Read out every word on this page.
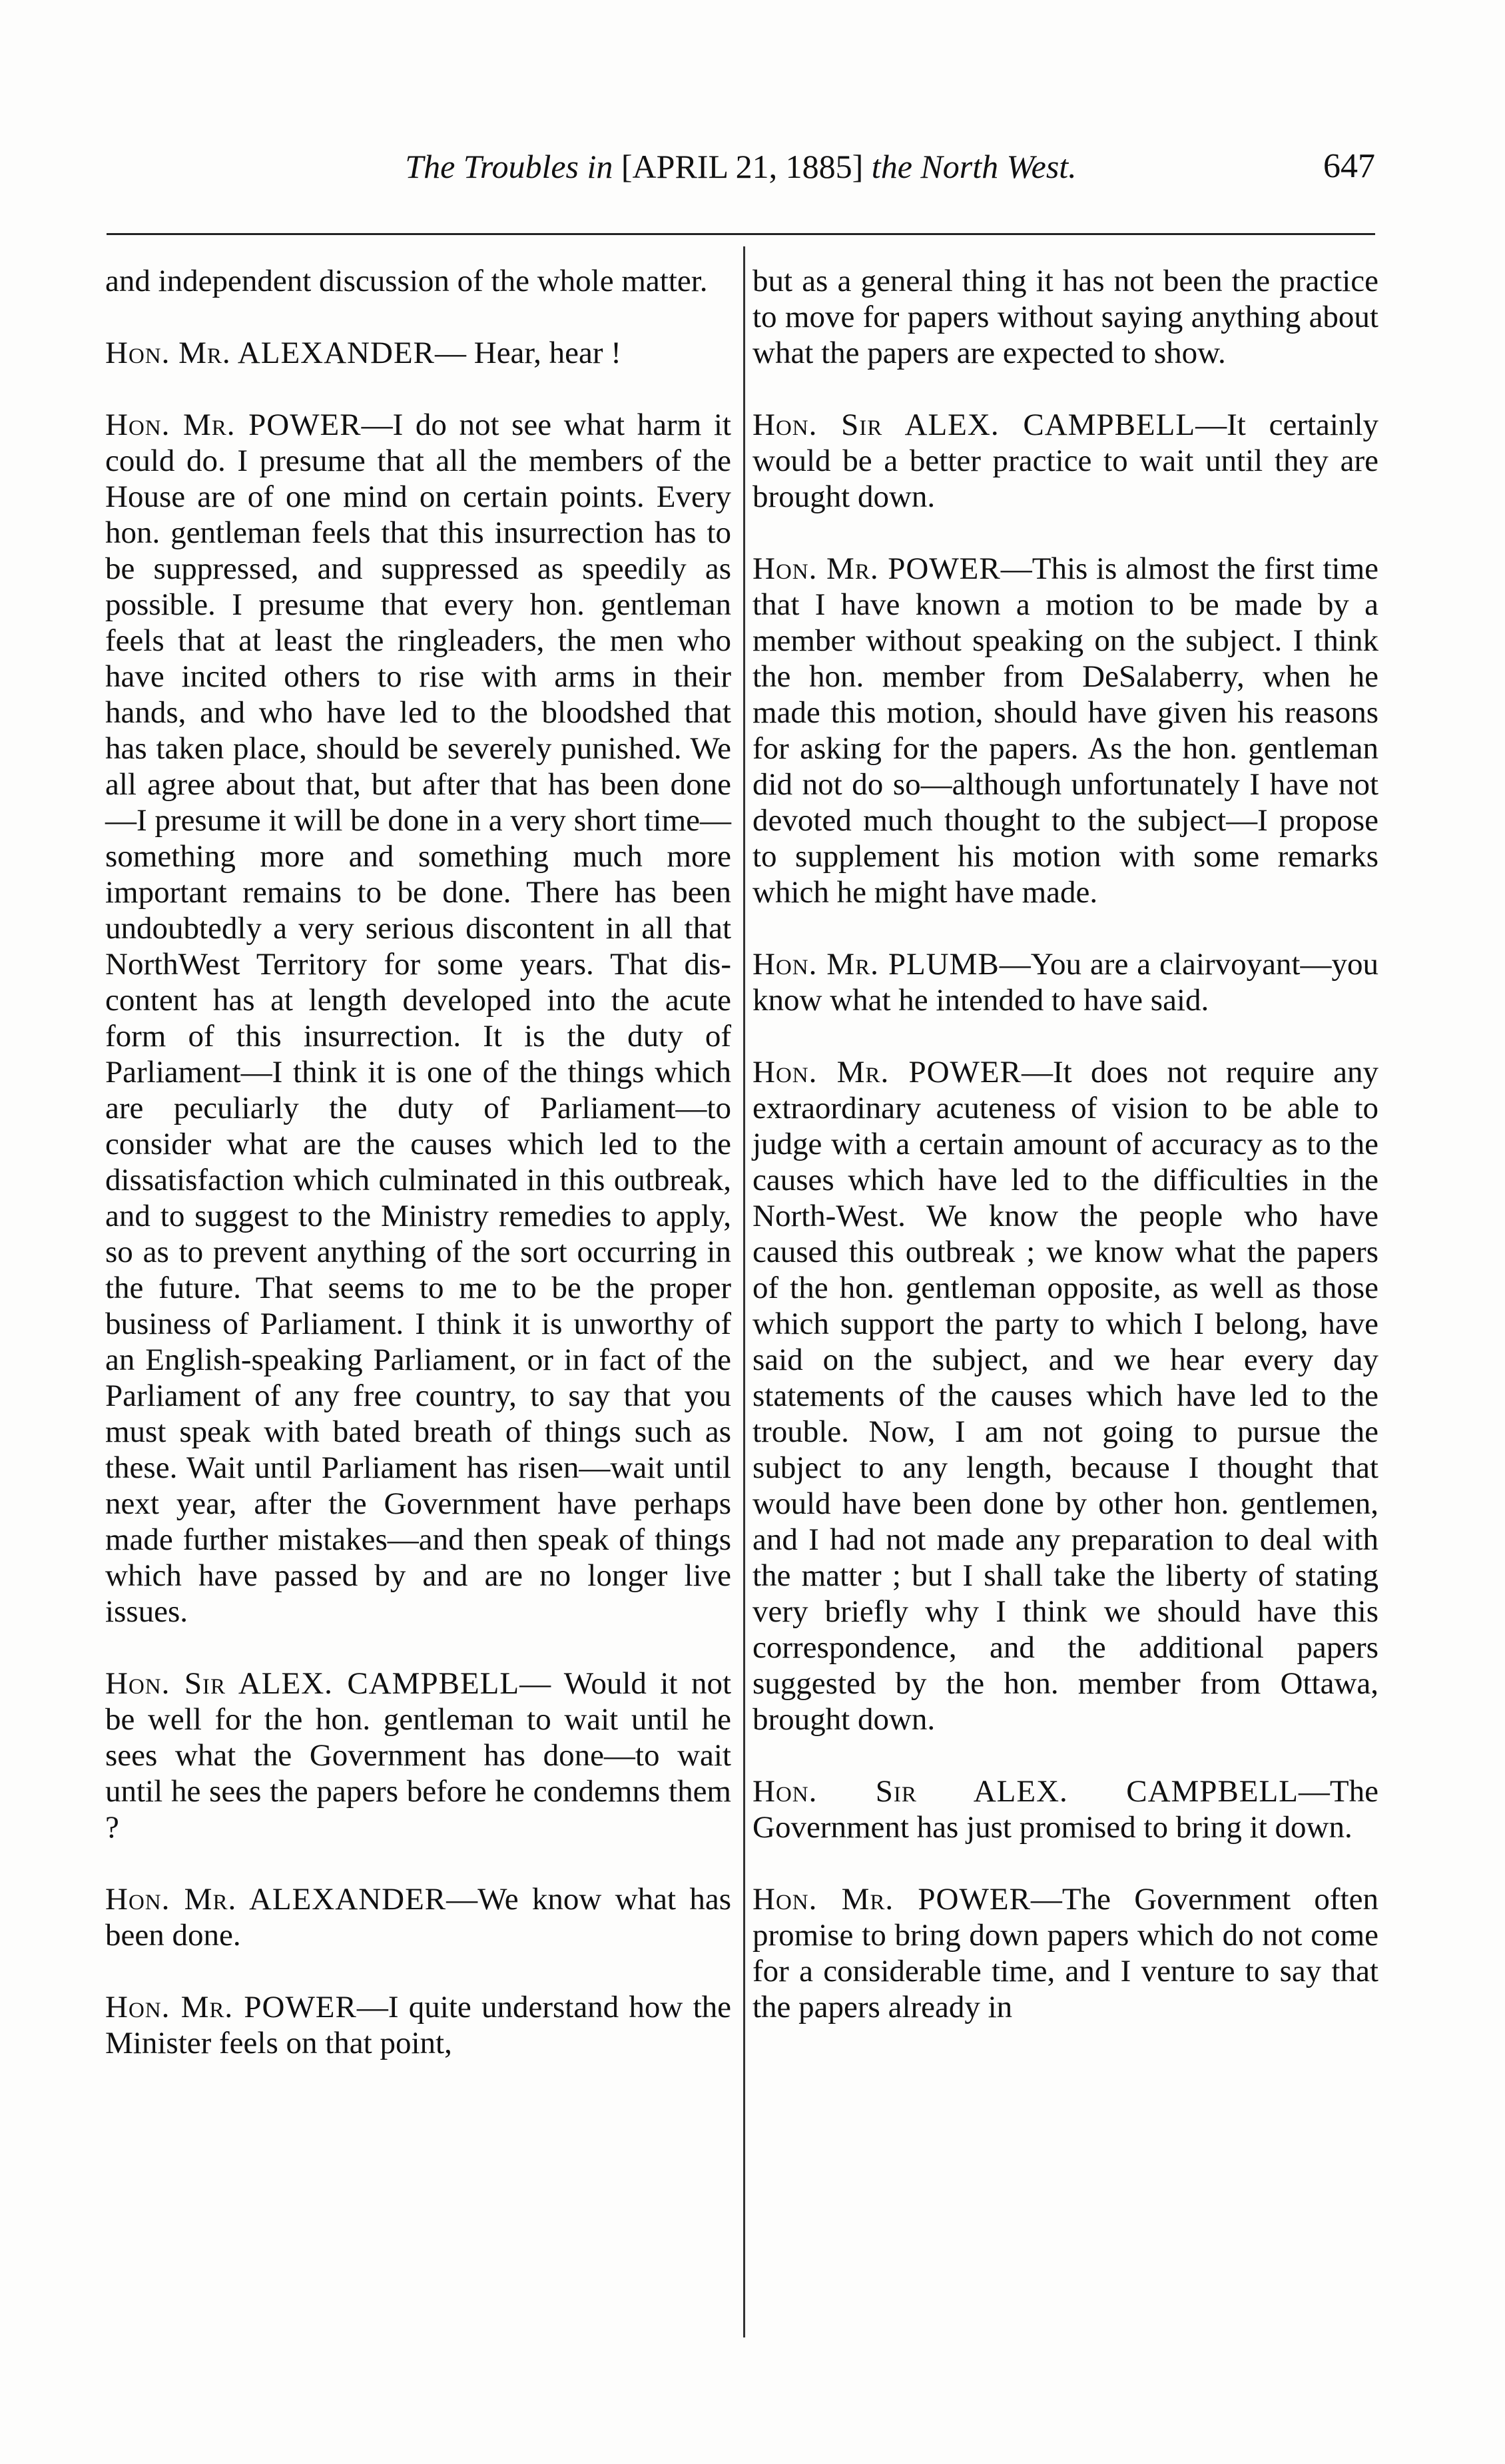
The Troubles in [APRIL 21, 1885] the North West.	647

and independent discussion of the whole matter.

Hon. Mr. ALEXANDER— Hear, hear !

Hon. Mr. POWER—I do not see what harm it could do. I presume that all the members of the House are of one mind on certain points. Every hon. gentleman feels that this insurrection has to be suppressed, and suppressed as speedily as possible. I presume that every hon. gentleman feels that at least the ringleaders, the men who have incited others to rise with arms in their hands, and who have led to the bloodshed that has taken place, should be severely punished. We all agree about that, but after that has been done—I presume it will be done in a very short time—something more and something much more important remains to be done. There has been undoubtedly a very serious discontent in all that NorthWest Territory for some years. That discontent has at length developed into the acute form of this insurrection. It is the duty of Parliament—I think it is one of the things which are peculiarly the duty of Parliament—to consider what are the causes which led to the dissatisfaction which culminated in this outbreak, and to suggest to the Ministry remedies to apply, so as to prevent anything of the sort occurring in the future. That seems to me to be the proper business of Parliament. I think it is unworthy of an English-speaking Parliament, or in fact of the Parliament of any free country, to say that you must speak with bated breath of things such as these. Wait until Parliament has risen—wait until next year, after the Government have perhaps made further mistakes—and then speak of things which have passed by and are no longer live issues.

Hon. Sir ALEX. CAMPBELL— Would it not be well for the hon. gentleman to wait until he sees what the Government has done—to wait until he sees the papers before he condemns them ?

Hon. Mr. ALEXANDER—We know what has been done.

Hon. Mr. POWER—I quite understand how the Minister feels on that point,

but as a general thing it has not been the practice to move for papers without saying anything about what the papers are expected to show.

Hon. Sir ALEX. CAMPBELL—It certainly would be a better practice to wait until they are brought down.

Hon. Mr. POWER—This is almost the first time that I have known a motion to be made by a member without speaking on the subject. I think the hon. member from DeSalaberry, when he made this motion, should have given his reasons for asking for the papers. As the hon. gentleman did not do so—although unfortunately I have not devoted much thought to the subject—I propose to supplement his motion with some remarks which he might have made.

Hon. Mr. PLUMB—You are a clairvoyant—you know what he intended to have said.

Hon. Mr. POWER—It does not require any extraordinary acuteness of vision to be able to judge with a certain amount of accuracy as to the causes which have led to the difficulties in the North-West. We know the people who have caused this outbreak ; we know what the papers of the hon. gentleman opposite, as well as those which support the party to which I belong, have said on the subject, and we hear every day statements of the causes which have led to the trouble. Now, I am not going to pursue the subject to any length, because I thought that would have been done by other hon. gentlemen, and I had not made any preparation to deal with the matter ; but I shall take the liberty of stating very briefly why I think we should have this correspondence, and the additional papers suggested by the hon. member from Ottawa, brought down.

Hon. Sir ALEX. CAMPBELL—The Government has just promised to bring it down.

Hon. Mr. POWER—The Government often promise to bring down papers which do not come for a considerable time, and I venture to say that the papers already in
